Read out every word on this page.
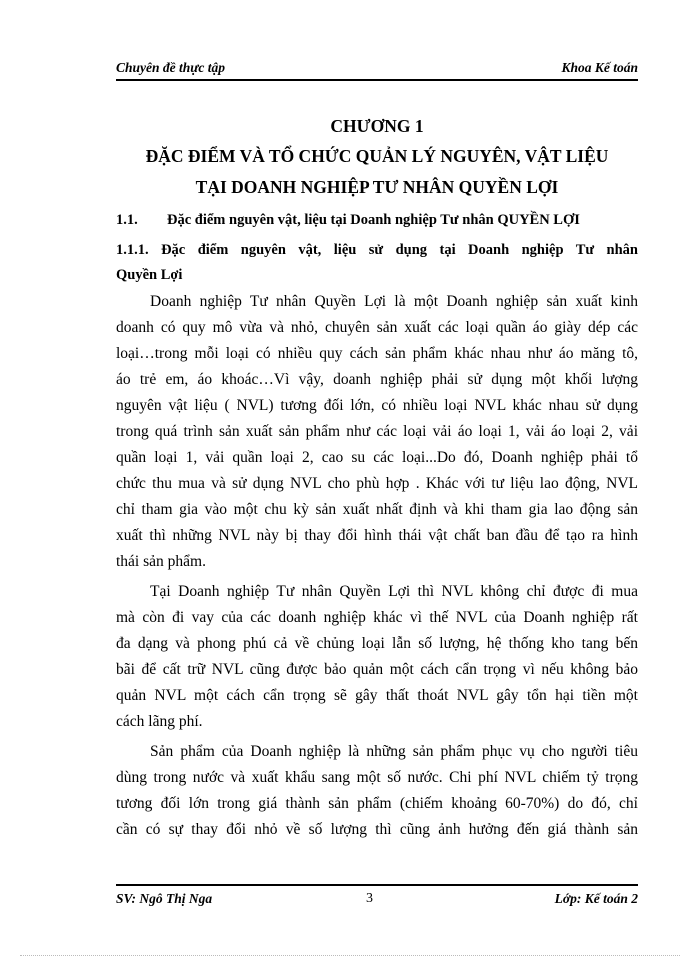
Chuyên đề thực tập	Khoa Kế toán
CHƯƠNG 1
ĐẶC ĐIỂM VÀ TỔ CHỨC QUẢN LÝ NGUYÊN, VẬT LIỆU
TẠI DOANH NGHIỆP TƯ NHÂN QUYỀN LỢI
1.1. Đặc điểm nguyên vật, liệu tại Doanh nghiệp Tư nhân QUYỀN LỢI
1.1.1. Đặc điểm nguyên vật, liệu sử dụng tại Doanh nghiệp Tư nhân
Quyền Lợi
Doanh nghiệp Tư nhân Quyền Lợi là một Doanh nghiệp sản xuất kinh
doanh có quy mô vừa và nhỏ, chuyên sản xuất các loại quần áo giày dép các
loại…trong mỗi loại có nhiều quy cách sản phẩm khác nhau như áo măng tô,
áo trẻ em, áo khoác…Vì vậy, doanh nghiệp phải sử dụng một khối lượng
nguyên vật liệu ( NVL) tương đối lớn, có nhiều loại NVL khác nhau sử dụng
trong quá trình sản xuất sản phẩm như các loại vải áo loại 1, vải áo loại 2, vải
quần loại 1, vải quần loại 2, cao su các loại...Do đó, Doanh nghiệp phải tổ
chức thu mua và sử dụng NVL cho phù hợp . Khác với tư liệu lao động, NVL
chỉ tham gia vào một chu kỳ sản xuất nhất định và khi tham gia lao động sản
xuất thì những NVL này bị thay đổi hình thái vật chất ban đầu để tạo ra hình
thái sản phẩm.
Tại Doanh nghiệp Tư nhân Quyền Lợi thì NVL không chỉ được đi mua
mà còn đi vay của các doanh nghiệp khác vì thế NVL của Doanh nghiệp rất
đa dạng và phong phú cả về chủng loại lẫn số lượng, hệ thống kho tang bến
bãi để cất trữ NVL cũng được bảo quản một cách cẩn trọng vì nếu không bảo
quản NVL một cách cẩn trọng sẽ gây thất thoát NVL gây tổn hại tiền một
cách lãng phí.
Sản phẩm của Doanh nghiệp là những sản phẩm phục vụ cho người tiêu
dùng trong nước và xuất khẩu sang một số nước. Chi phí NVL chiếm tỷ trọng
tương đối lớn trong giá thành sản phẩm (chiếm khoảng 60-70%) do đó, chỉ
cần có sự thay đổi nhỏ về số lượng thì cũng ảnh hưởng đến giá thành sản
SV: Ngô Thị Nga	3	Lớp: Kế toán 2
